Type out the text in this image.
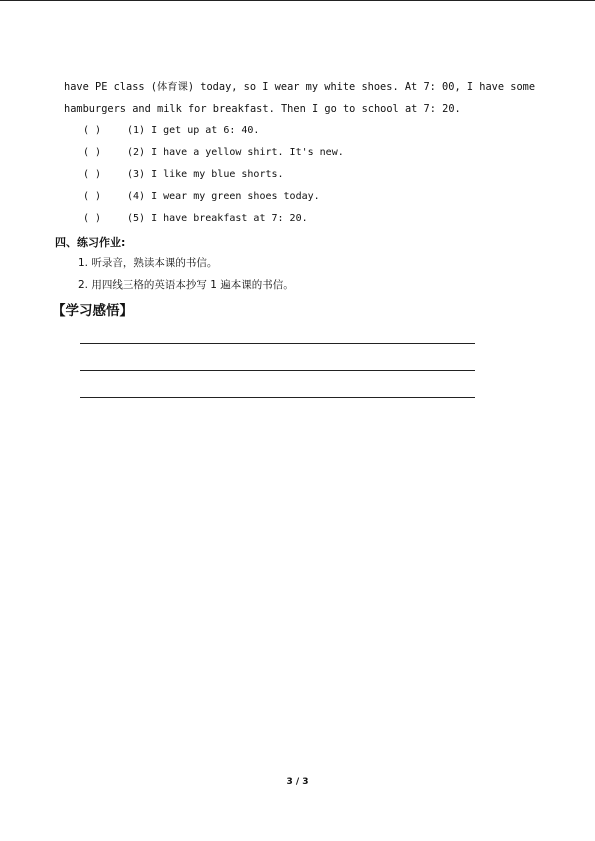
have PE class (体育课) today, so I wear my white shoes. At 7: 00, I have some
hamburgers and milk for breakfast. Then I go to school at 7: 20.
( )	(1) I get up at 6: 40.
( )	(2) I have a yellow shirt. It's new.
( )	(3) I like my blue shorts.
( )	(4) I wear my green shoes today.
( )	(5) I have breakfast at 7: 20.
四、练习作业:
1. 听录音，熟读本课的书信。
2. 用四线三格的英语本抄写 1 遍本课的书信。
【学习感悟】
3 / 3
